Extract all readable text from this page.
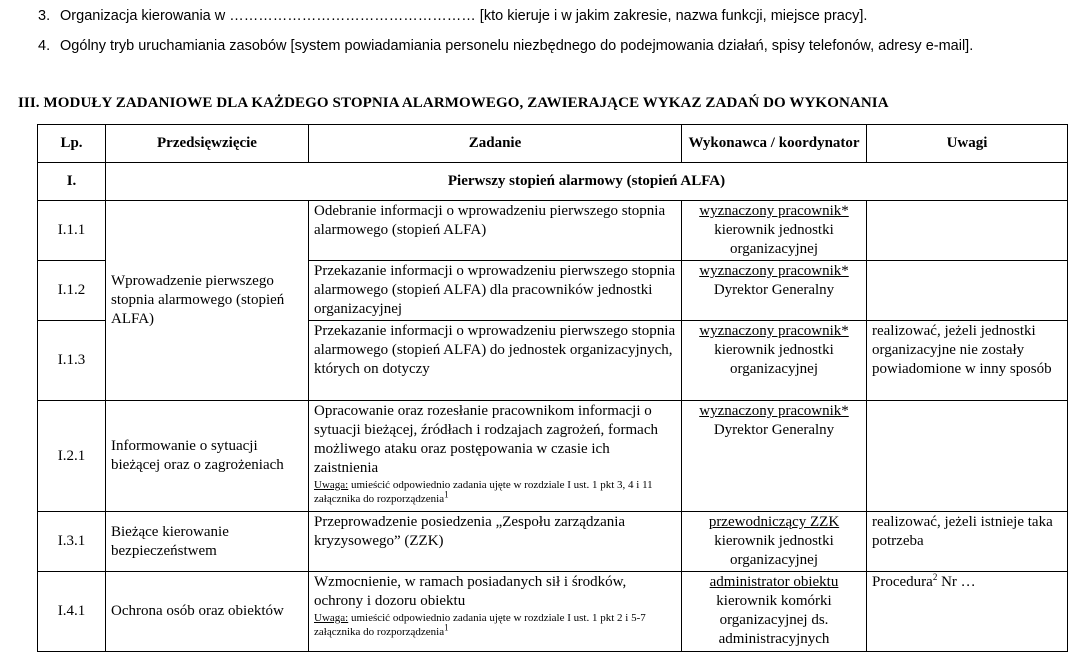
3. Organizacja kierowania w …………………………………………… [kto kieruje i w jakim zakresie, nazwa funkcji, miejsce pracy].
4. Ogólny tryb uruchamiania zasobów [system powiadamiania personelu niezbędnego do podejmowania działań, spisy telefonów, adresy e-mail].
III. MODUŁY ZADANIOWE DLA KAŻDEGO STOPNIA ALARMOWEGO, ZAWIERAJĄCE WYKAZ ZADAŃ DO WYKONANIA
Lp.	Przedsięwzięcie	Zadanie	Wykonawca / koordynator	Uwagi
I.	Pierwszy stopień alarmowy (stopień ALFA)			
I.1.1	Wprowadzenie pierwszego stopnia alarmowego (stopień ALFA)	Odebranie informacji o wprowadzeniu pierwszego stopnia alarmowego (stopień ALFA)	wyznaczony pracownik*
kierownik jednostki organizacyjnej	
I.1.2		Przekazanie informacji o wprowadzeniu pierwszego stopnia alarmowego (stopień ALFA) dla pracowników jednostki organizacyjnej	wyznaczony pracownik*
Dyrektor Generalny	
I.1.3		Przekazanie informacji o wprowadzeniu pierwszego stopnia alarmowego (stopień ALFA) do jednostek organizacyjnych, których on dotyczy	wyznaczony pracownik*
kierownik jednostki organizacyjnej	realizować, jeżeli jednostki organizacyjne nie zostały powiadomione w inny sposób
I.2.1	Informowanie o sytuacji bieżącej oraz o zagrożeniach	Opracowanie oraz rozesłanie pracownikom informacji o sytuacji bieżącej, źródłach i rodzajach zagrożeń, formach możliwego ataku oraz postępowania w czasie ich zaistnienia
Uwaga: umieścić odpowiednio zadania ujęte w rozdziale I ust. 1 pkt 3, 4 i 11 załącznika do rozporządzenia$^1$	wyznaczony pracownik*
Dyrektor Generalny	
I.3.1	Bieżące kierowanie bezpieczeństwem	Przeprowadzenie posiedzenia „Zespołu zarządzania kryzysowego” (ZZK)	przewodniczący ZZK
kierownik jednostki organizacyjnej	realizować, jeżeli istnieje taka potrzeba
I.4.1	Ochrona osób oraz obiektów	Wzmocnienie, w ramach posiadanych sił i środków, ochrony i dozoru obiektu
Uwaga: umieścić odpowiednio zadania ujęte w rozdziale I ust. 1 pkt 2 i 5-7 załącznika do rozporządzenia$^1$	administrator obiektu
kierownik komórki organizacyjnej ds. administracyjnych	Procedura$^2$ Nr …
